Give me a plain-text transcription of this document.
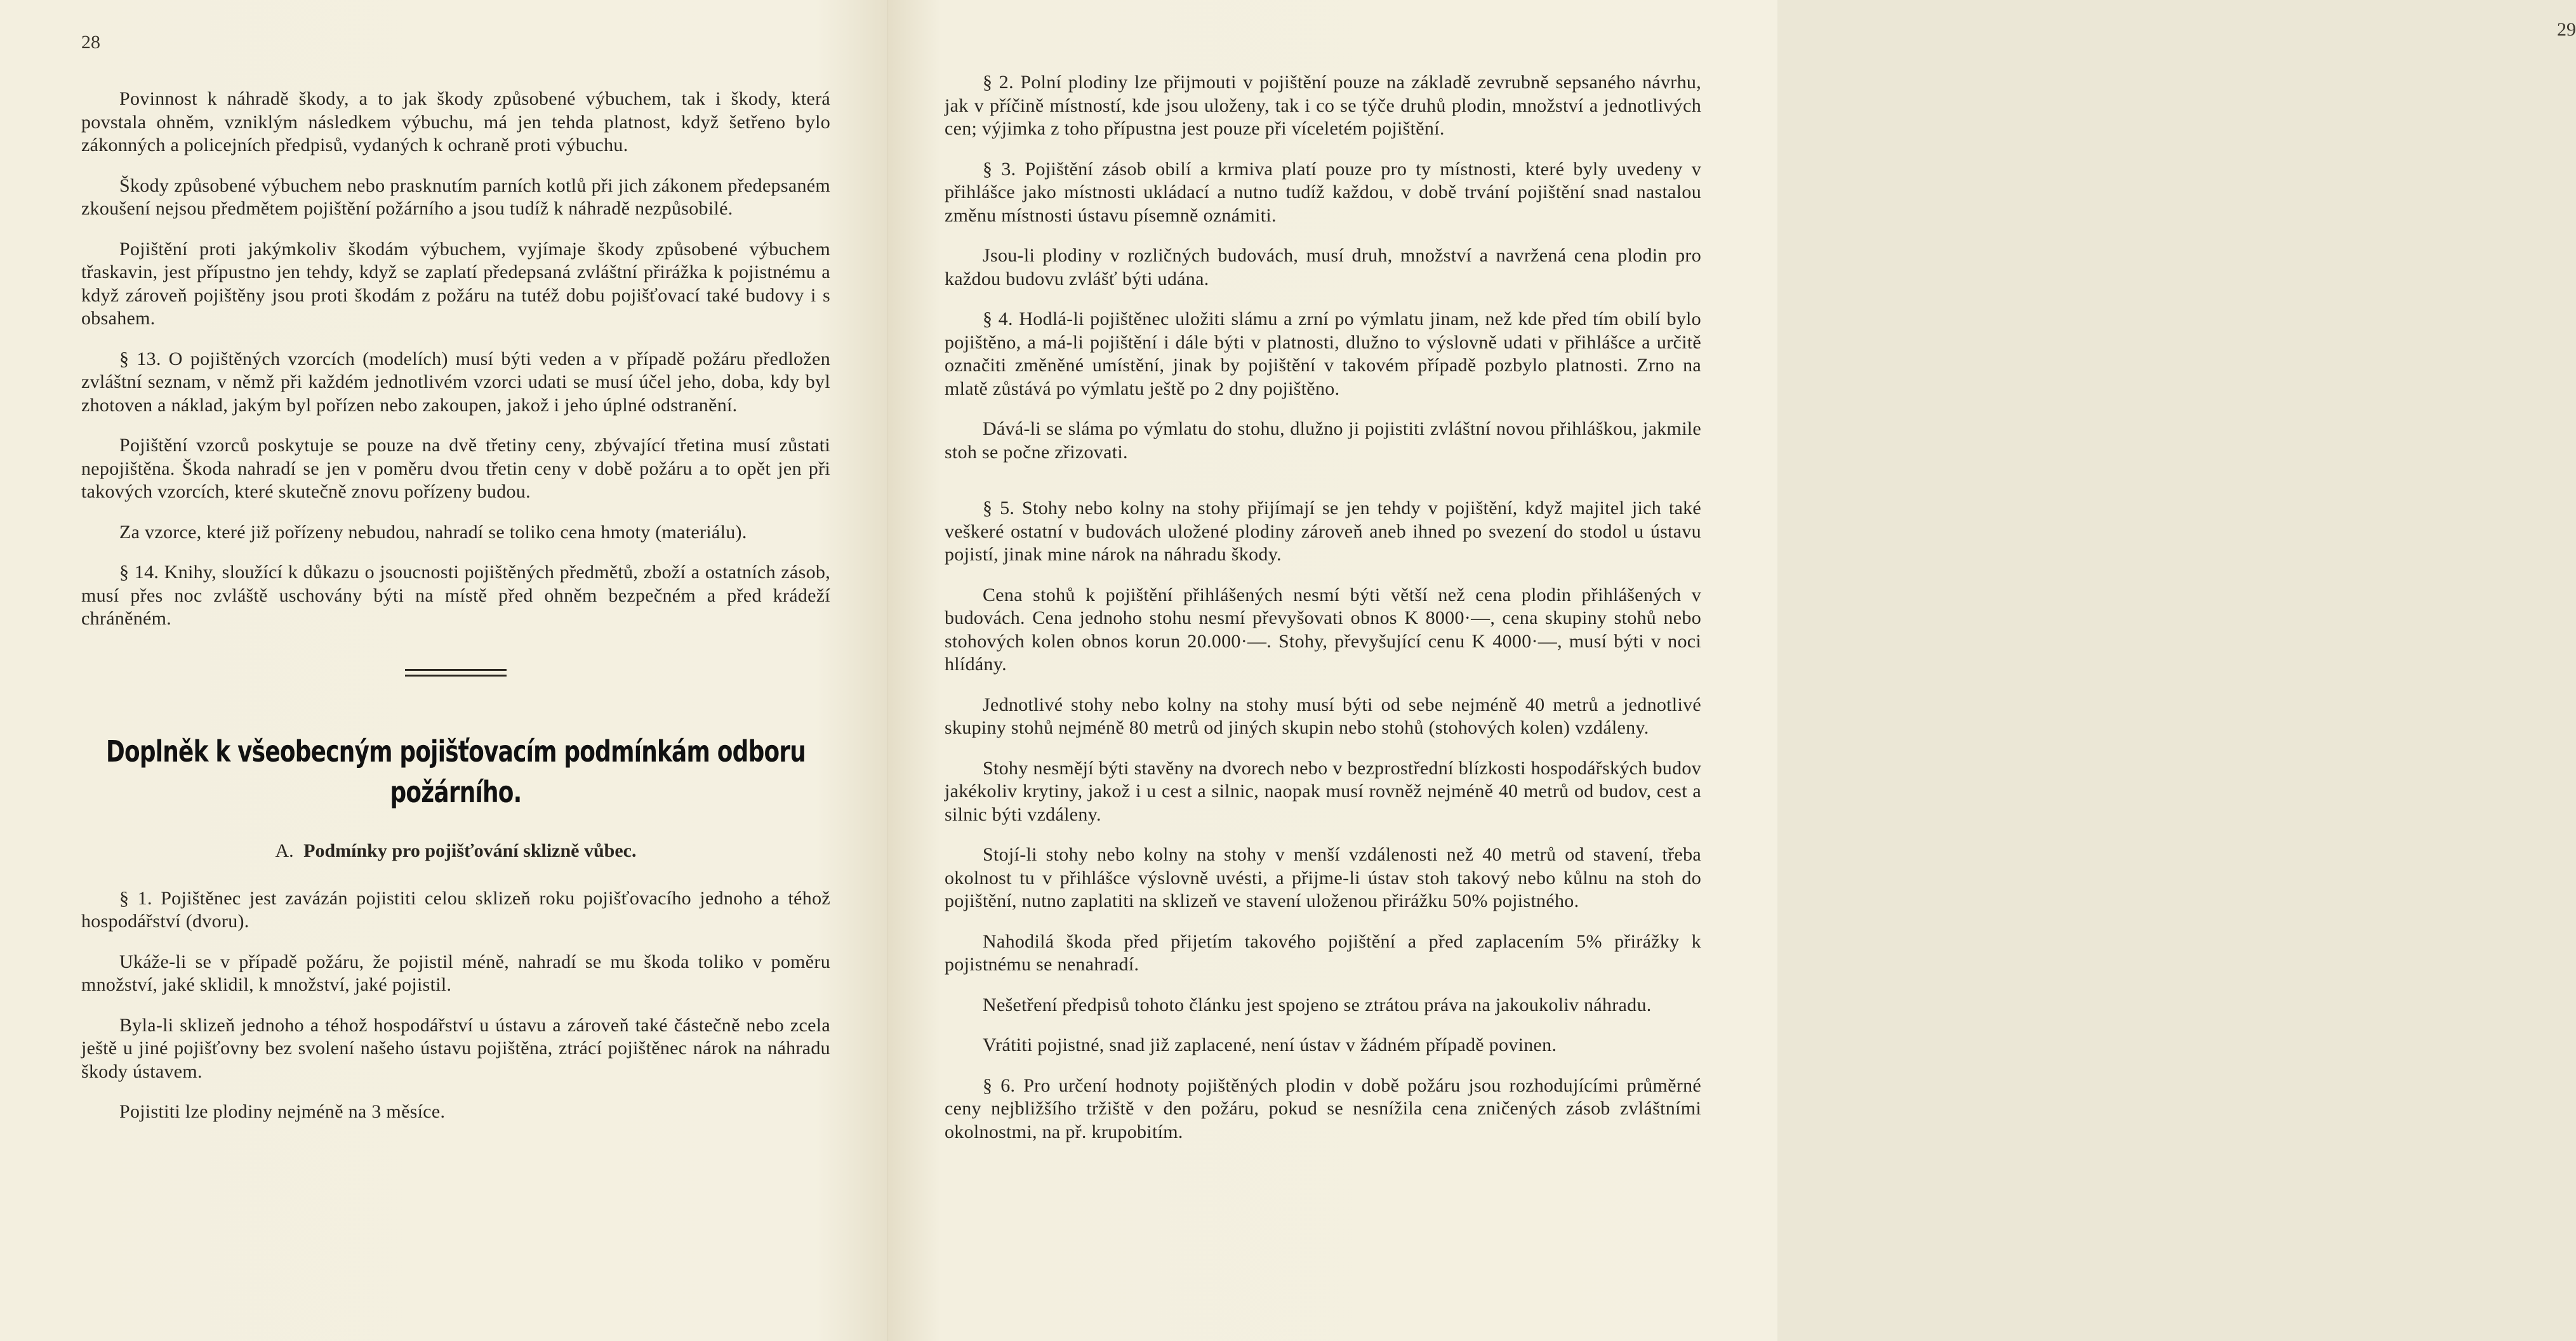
28

Povinnost k náhradě škody, a to jak škody způsobené výbuchem, tak i škody, která povstala ohněm, vzniklým následkem výbuchu, má jen tehda platnost, když šetřeno bylo zákonných a policejních předpisů, vydaných k ochraně proti výbuchu.

Škody způsobené výbuchem nebo prasknutím parních kotlů při jich zákonem předepsaném zkoušení nejsou předmětem pojištění požárního a jsou tudíž k náhradě nezpůsobilé.

Pojištění proti jakýmkoliv škodám výbuchem, vyjímaje škody způsobené výbuchem třaskavin, jest přípustno jen tehdy, když se zaplatí předepsaná zvláštní přirážka k pojistnému a když zároveň pojištěny jsou proti škodám z požáru na tutéž dobu pojišťovací také budovy i s obsahem.

§ 13. O pojištěných vzorcích (modelích) musí býti veden a v případě požáru předložen zvláštní seznam, v němž při každém jednotlivém vzorci udati se musí účel jeho, doba, kdy byl zhotoven a náklad, jakým byl pořízen nebo zakoupen, jakož i jeho úplné odstranění.

Pojištění vzorců poskytuje se pouze na dvě třetiny ceny, zbývající třetina musí zůstati nepojištěna. Škoda nahradí se jen v poměru dvou třetin ceny v době požáru a to opět jen při takových vzorcích, které skutečně znovu pořízeny budou.

Za vzorce, které již pořízeny nebudou, nahradí se toliko cena hmoty (materiálu).

§ 14. Knihy, sloužící k důkazu o jsoucnosti pojištěných předmětů, zboží a ostatních zásob, musí přes noc zvláště uschovány býti na místě před ohněm bezpečném a před krádeží chráněném.

Doplněk k všeobecným pojišťovacím podmínkám odboru požárního.
A. Podmínky pro pojišťování sklizně vůbec.

§ 1. Pojištěnec jest zavázán pojistiti celou sklizeň roku pojišťovacího jednoho a téhož hospodářství (dvoru).

Ukáže-li se v případě požáru, že pojistil méně, nahradí se mu škoda toliko v poměru množství, jaké sklidil, k množství, jaké pojistil.

Byla-li sklizeň jednoho a téhož hospodářství u ústavu a zároveň také částečně nebo zcela ještě u jiné pojišťovny bez svolení našeho ústavu pojištěna, ztrácí pojištěnec nárok na náhradu škody ústavem.

Pojistiti lze plodiny nejméně na 3 měsíce.

29

§ 2. Polní plodiny lze přijmouti v pojištění pouze na základě zevrubně sepsaného návrhu, jak v příčině místností, kde jsou uloženy, tak i co se týče druhů plodin, množství a jednotlivých cen; výjimka z toho přípustna jest pouze při víceletém pojištění.

§ 3. Pojištění zásob obilí a krmiva platí pouze pro ty místnosti, které byly uvedeny v přihlášce jako místnosti ukládací a nutno tudíž každou, v době trvání pojištění snad nastalou změnu místnosti ústavu písemně oznámiti.

Jsou-li plodiny v rozličných budovách, musí druh, množství a navržená cena plodin pro každou budovu zvlášť býti udána.

§ 4. Hodlá-li pojištěnec uložiti slámu a zrní po výmlatu jinam, než kde před tím obilí bylo pojištěno, a má-li pojištění i dále býti v platnosti, dlužno to výslovně udati v přihlášce a určitě označiti změněné umístění, jinak by pojištění v takovém případě pozbylo platnosti. Zrno na mlatě zůstává po výmlatu ještě po 2 dny pojištěno.

Dává-li se sláma po výmlatu do stohu, dlužno ji pojistiti zvláštní novou přihláškou, jakmile stoh se počne zřizovati.

§ 5. Stohy nebo kolny na stohy přijímají se jen tehdy v pojištění, když majitel jich také veškeré ostatní v budovách uložené plodiny zároveň aneb ihned po svezení do stodol u ústavu pojistí, jinak mine nárok na náhradu škody.

Cena stohů k pojištění přihlášených nesmí býti větší než cena plodin přihlášených v budovách. Cena jednoho stohu nesmí převyšovati obnos K 8000·—, cena skupiny stohů nebo stohových kolen obnos korun 20.000·—. Stohy, převyšující cenu K 4000·—, musí býti v noci hlídány.

Jednotlivé stohy nebo kolny na stohy musí býti od sebe nejméně 40 metrů a jednotlivé skupiny stohů nejméně 80 metrů od jiných skupin nebo stohů (stohových kolen) vzdáleny.

Stohy nesmějí býti stavěny na dvorech nebo v bezprostřední blízkosti hospodářských budov jakékoliv krytiny, jakož i u cest a silnic, naopak musí rovněž nejméně 40 metrů od budov, cest a silnic býti vzdáleny.

Stojí-li stohy nebo kolny na stohy v menší vzdálenosti než 40 metrů od stavení, třeba okolnost tu v přihlášce výslovně uvésti, a přijme-li ústav stoh takový nebo kůlnu na stoh do pojištění, nutno zaplatiti na sklizeň ve stavení uloženou přirážku 50% pojistného.

Nahodilá škoda před přijetím takového pojištění a před zaplacením 5% přirážky k pojistnému se nenahradí.

Nešetření předpisů tohoto článku jest spojeno se ztrátou práva na jakoukoliv náhradu.

Vrátiti pojistné, snad již zaplacené, není ústav v žádném případě povinen.

§ 6. Pro určení hodnoty pojištěných plodin v době požáru jsou rozhodujícími průměrné ceny nejbližšího tržiště v den požáru, pokud se nesnížila cena zničených zásob zvláštními okolnostmi, na př. krupobitím.
